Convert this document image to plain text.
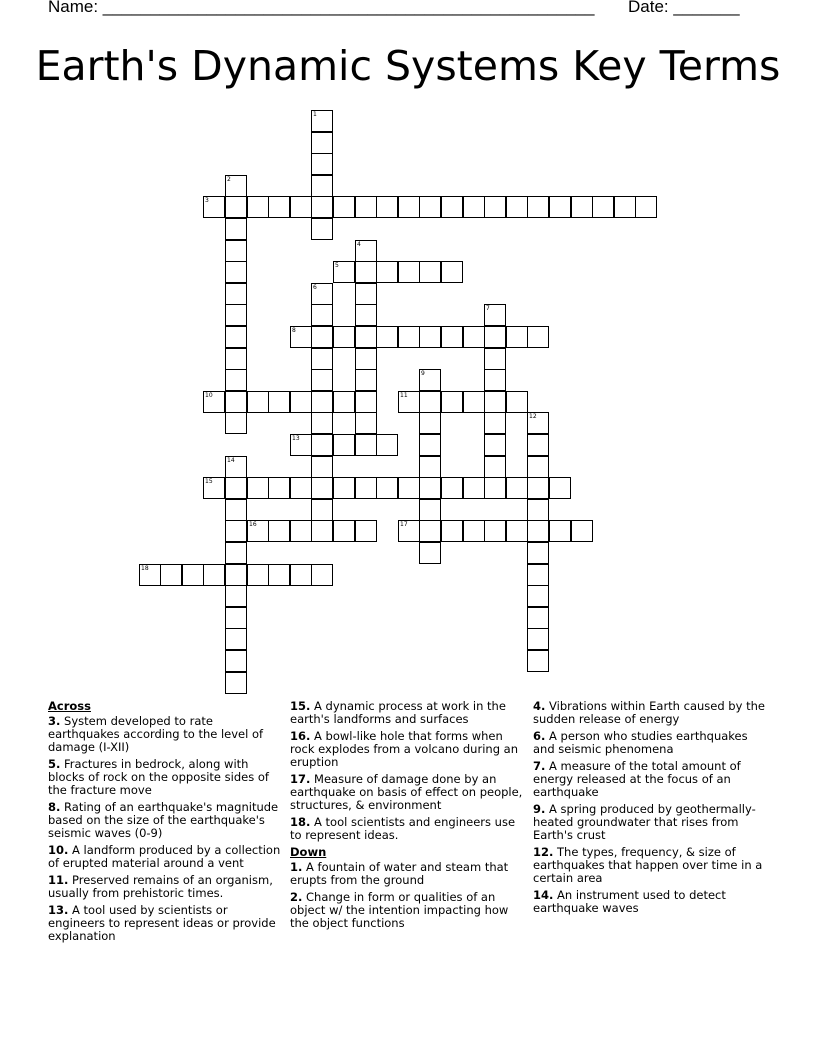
Name: ____________________________________________________ Date: _______
Earth's Dynamic Systems Key Terms
1
2
3
4
5
6
7
8
9
10	11
12
13
14
15
16	17
18
Across
3. System developed to rate earthquakes according to the level of damage (I-XII)
5. Fractures in bedrock, along with blocks of rock on the opposite sides of the fracture move
8. Rating of an earthquake's magnitude based on the size of the earthquake's seismic waves (0-9)
10. A landform produced by a collection of erupted material around a vent
11. Preserved remains of an organism, usually from prehistoric times.
13. A tool used by scientists or engineers to represent ideas or provide explanation
15. A dynamic process at work in the earth's landforms and surfaces
16. A bowl-like hole that forms when rock explodes from a volcano during an eruption
17. Measure of damage done by an earthquake on basis of effect on people, structures, & environment
18. A tool scientists and engineers use to represent ideas.
Down
1. A fountain of water and steam that erupts from the ground
2. Change in form or qualities of an object w/ the intention impacting how the object functions
4. Vibrations within Earth caused by the sudden release of energy
6. A person who studies earthquakes and seismic phenomena
7. A measure of the total amount of energy released at the focus of an earthquake
9. A spring produced by geothermally-heated groundwater that rises from Earth's crust
12. The types, frequency, & size of earthquakes that happen over time in a certain area
14. An instrument used to detect earthquake waves
